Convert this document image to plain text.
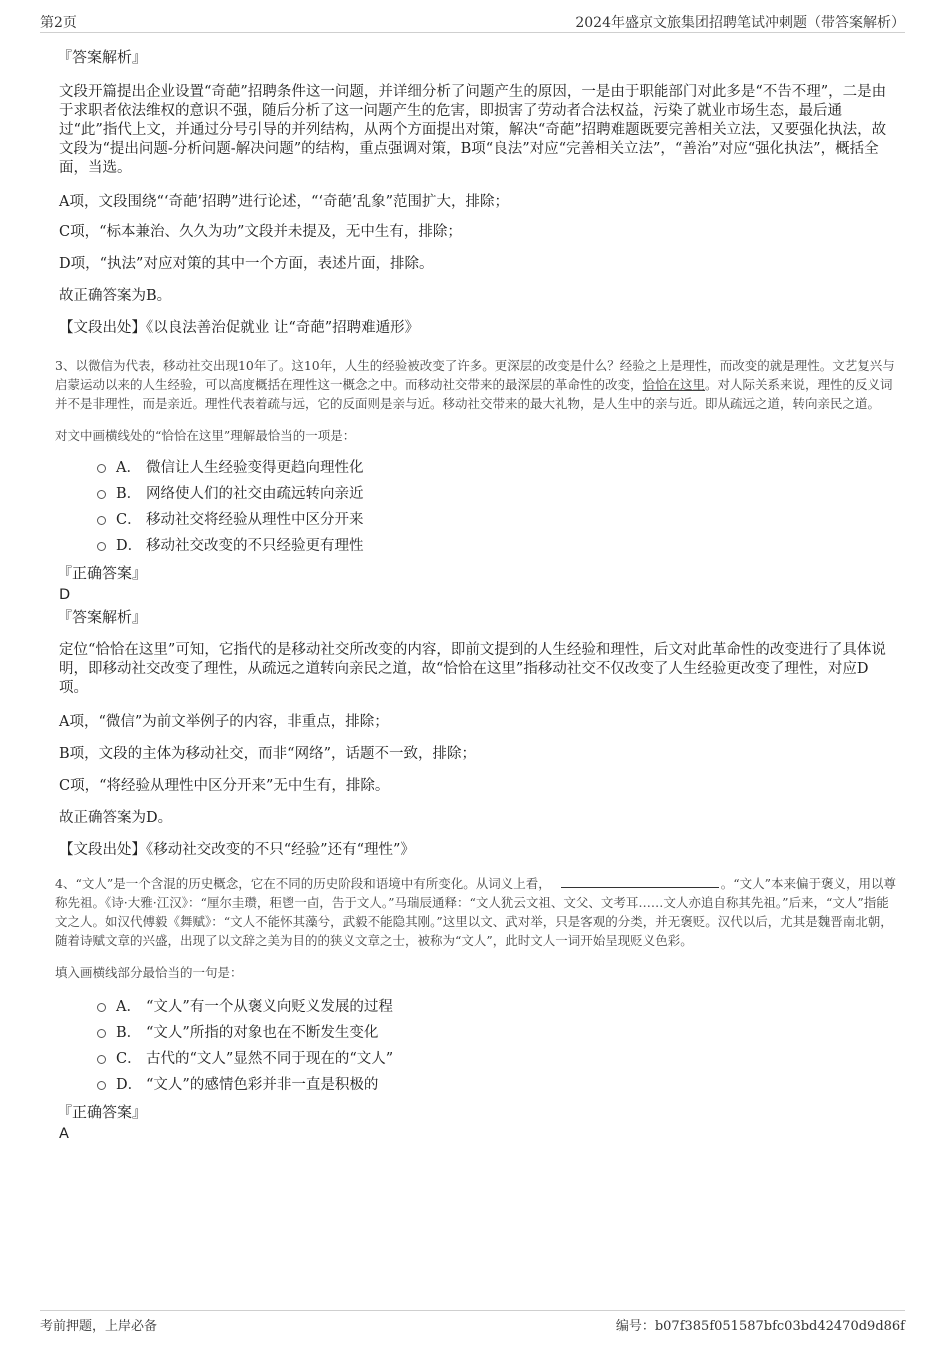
第2页	2024年盛京文旅集团招聘笔试冲刺题（带答案解析）

『答案解析』

文段开篇提出企业设置“奇葩”招聘条件这一问题，并详细分析了问题产生的原因，一是由于职能部门对此多是“不告不理”，二是由于求职者依法维权的意识不强，随后分析了这一问题产生的危害，即损害了劳动者合法权益，污染了就业市场生态，最后通过“此”指代上文，并通过分号引导的并列结构，从两个方面提出对策，解决“奇葩”招聘难题既要完善相关立法，又要强化执法，故文段为“提出问题-分析问题-解决问题”的结构，重点强调对策，B项“良法”对应“完善相关立法”，“善治”对应“强化执法”，概括全面，当选。

A项，文段围绕“‘奇葩’招聘”进行论述，“‘奇葩’乱象”范围扩大，排除；

C项，“标本兼治、久久为功”文段并未提及，无中生有，排除；

D项，“执法”对应对策的其中一个方面，表述片面，排除。

故正确答案为B。

【文段出处】《以良法善治促就业 让“奇葩”招聘难遁形》

3、以微信为代表，移动社交出现10年了。这10年，人生的经验被改变了许多。更深层的改变是什么？经验之上是理性，而改变的就是理性。文艺复兴与启蒙运动以来的人生经验，可以高度概括在理性这一概念之中。而移动社交带来的最深层的革命性的改变，恰恰在这里。对人际关系来说，理性的反义词并不是非理性，而是亲近。理性代表着疏与远，它的反面则是亲与近。移动社交带来的最大礼物，是人生中的亲与近。即从疏远之道，转向亲民之道。

对文中画横线处的“恰恰在这里”理解最恰当的一项是：

A． 微信让人生经验变得更趋向理性化
B． 网络使人们的社交由疏远转向亲近
C． 移动社交将经验从理性中区分开来
D． 移动社交改变的不只经验更有理性

『正确答案』

D

『答案解析』

定位“恰恰在这里”可知，它指代的是移动社交所改变的内容，即前文提到的人生经验和理性，后文对此革命性的改变进行了具体说明，即移动社交改变了理性，从疏远之道转向亲民之道，故“恰恰在这里”指移动社交不仅改变了人生经验更改变了理性，对应D项。

A项，“微信”为前文举例子的内容，非重点，排除；

B项，文段的主体为移动社交，而非“网络”，话题不一致，排除；

C项，“将经验从理性中区分开来”无中生有，排除。

故正确答案为D。

【文段出处】《移动社交改变的不只“经验”还有“理性”》

4、“文人”是一个含混的历史概念，它在不同的历史阶段和语境中有所变化。从词义上看，	。“文人”本来偏于褒义，用以尊称先祖。《诗·大雅·江汉》：“厘尔圭瓒，秬鬯一卣，告于文人。”马瑞辰通释：“文人犹云文祖、文父、文考耳……文人亦追自称其先祖。”后来，“文人”指能文之人。如汉代傅毅《舞赋》：“文人不能怀其藻兮，武毅不能隐其刚。”这里以文、武对举，只是客观的分类，并无褒贬。汉代以后，尤其是魏晋南北朝，随着诗赋文章的兴盛，出现了以文辞之美为目的的狭义文章之士，被称为“文人”，此时文人一词开始呈现贬义色彩。

填入画横线部分最恰当的一句是：

A． “文人”有一个从褒义向贬义发展的过程
B． “文人”所指的对象也在不断发生变化
C． 古代的“文人”显然不同于现在的“文人”
D． “文人”的感情色彩并非一直是积极的

『正确答案』

A

考前押题，上岸必备	编号：b07f385f051587bfc03bd42470d9d86f
